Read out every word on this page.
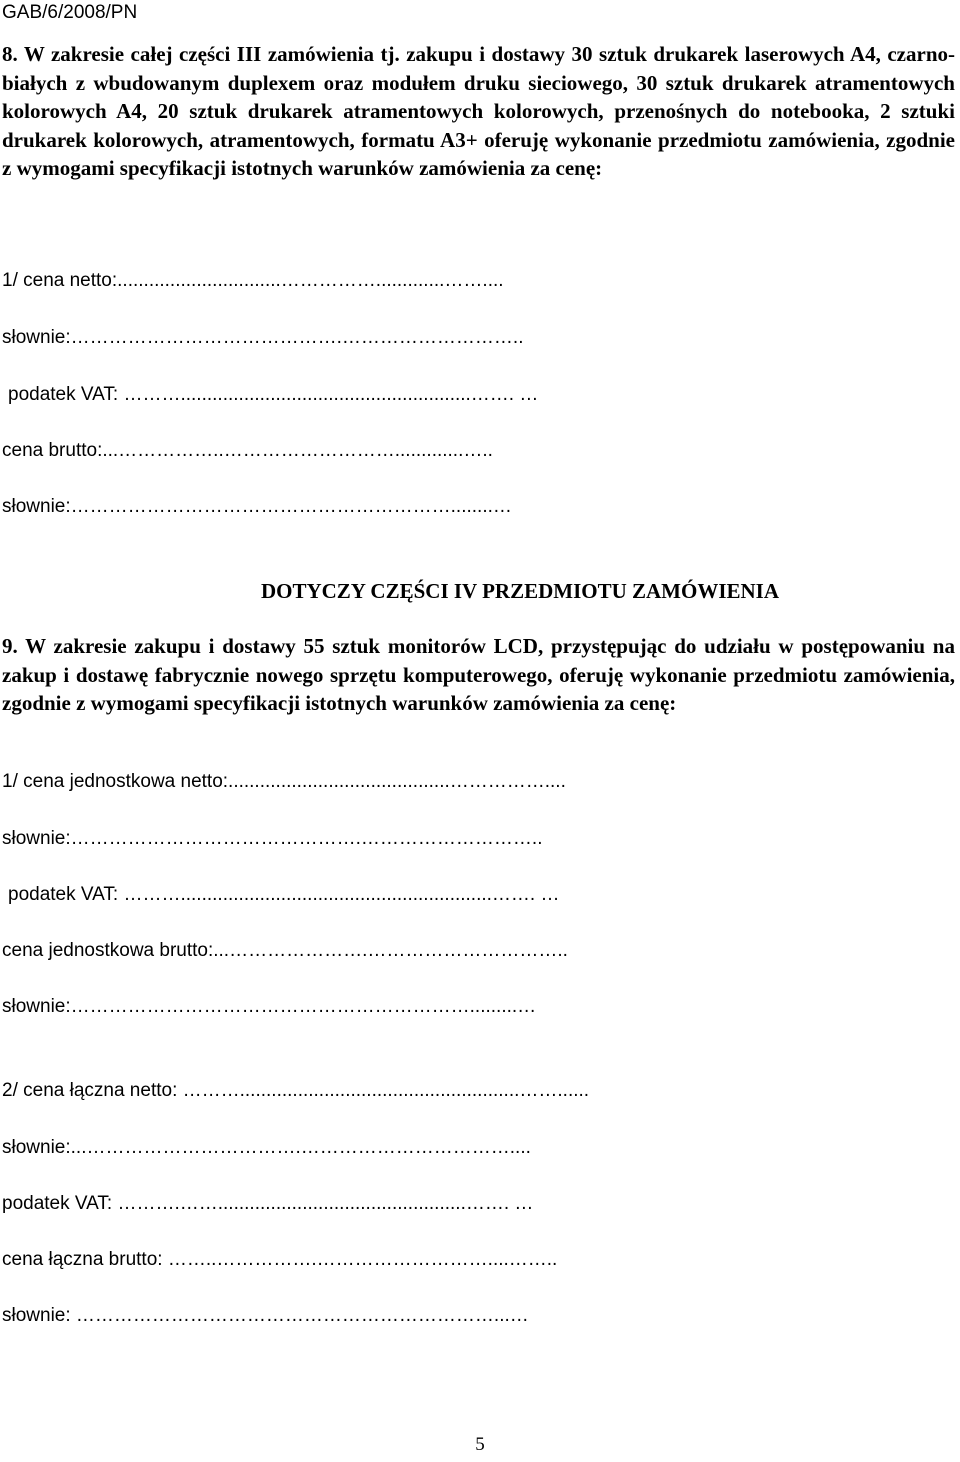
GAB/6/2008/PN
8. W zakresie całej części III zamówienia tj. zakupu i dostawy 30 sztuk drukarek laserowych A4, czarno-białych z wbudowanym duplexem oraz modułem druku sieciowego, 30 sztuk drukarek atramentowych kolorowych A4, 20 sztuk drukarek atramentowych kolorowych, przenośnych do notebooka, 2 sztuki drukarek kolorowych, atramentowych, formatu A3+ oferuję wykonanie przedmiotu zamówienia, zgodnie z wymogami specyfikacji istotnych warunków zamówienia za cenę:
1/ cena netto:...............................…………….............……....
słownie:…………………………………….………………………..
podatek VAT: ……….......................................................……. …
cena brutto:...……………..……………………….............…..
słownie:……………………………………………………........…
DOTYCZY CZĘŚCI IV PRZEDMIOTU ZAMÓWIENIA
9. W zakresie zakupu i dostawy 55 sztuk monitorów LCD, przystępując do udziału w postępowaniu na zakup i dostawę fabrycznie nowego sprzętu komputerowego, oferuję wykonanie przedmiotu zamówienia, zgodnie z wymogami specyfikacji istotnych warunków zamówienia za cenę:
1/ cena jednostkowa netto:..........................................……………....
słownie:……………………………………….………………………..
podatek VAT: ………...........................................................……. …
cena jednostkowa brutto:...………………….…………………………..
słownie:……………………………………………………….........…
2/ cena łączna netto: ……….....................................................……......
słownie:...…………………………….……………………………....
podatek VAT: ……….……...............................................……. …
cena łączna brutto: ……..…………….………………………....……..
słownie: …………………………………………………………...…
5
